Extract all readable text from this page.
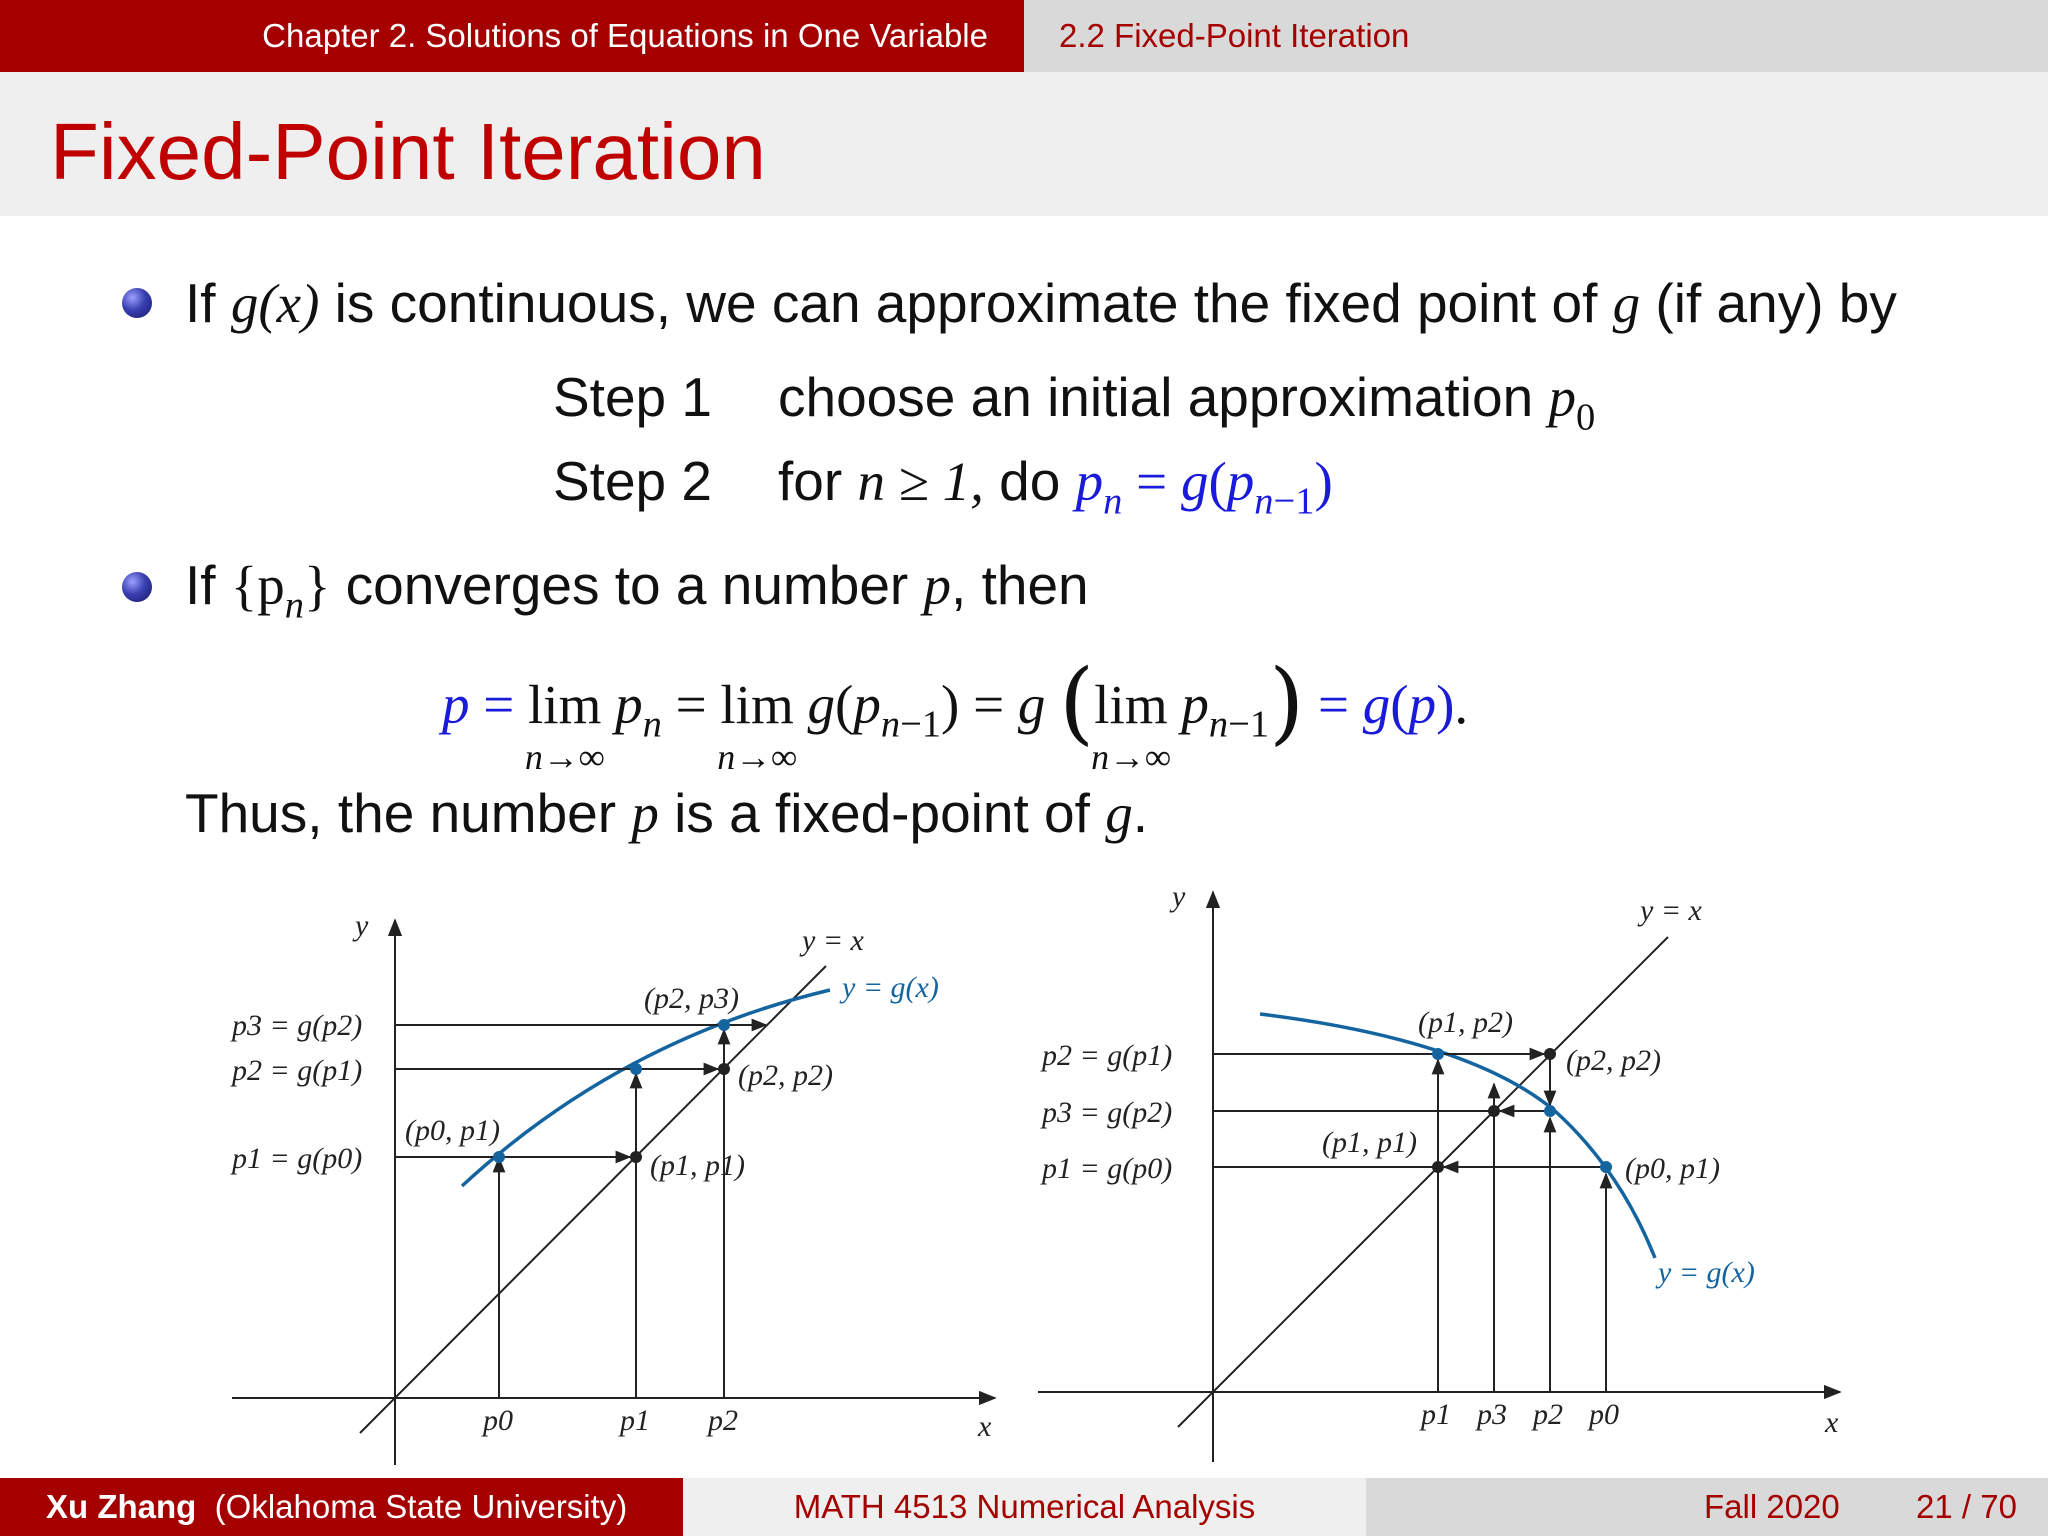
Chapter 2. Solutions of Equations in One Variable	2.2 Fixed-Point Iteration
Fixed-Point Iteration
If g(x) is continuous, we can approximate the fixed point of g (if any) by
Step 1 choose an initial approximation $p_0$
Step 2 for n ≥ 1, do $p_n = g(p_{n-1})$
If $\{p_n\}$ converges to a number p, then
p = lim
n→∞
$p_n = \lim$
n→∞
$g(p_{n-1}) = g$ (lim
n→∞
$p_{n-1}) = g(p)$.
Thus, the number p is a fixed-point of g.
y
x
y = x
y = g(x)
p3 = g(p2)
p2 = g(p1)
p1 = g(p0)
(p2, p3)
(p2, p2)
(p0, p1)
(p1, p1)
p0	p1 p2
y
x
y = x
y = g(x)
p2 = g(p1)
p3 = g(p2)
p1 = g(p0)
(p1, p2)
(p2, p2)
(p1, p1)
(p0, p1)
p1 p3 p2 p0
Xu Zhang (Oklahoma State University)	MATH 4513 Numerical Analysis	Fall 2020 21 / 70
